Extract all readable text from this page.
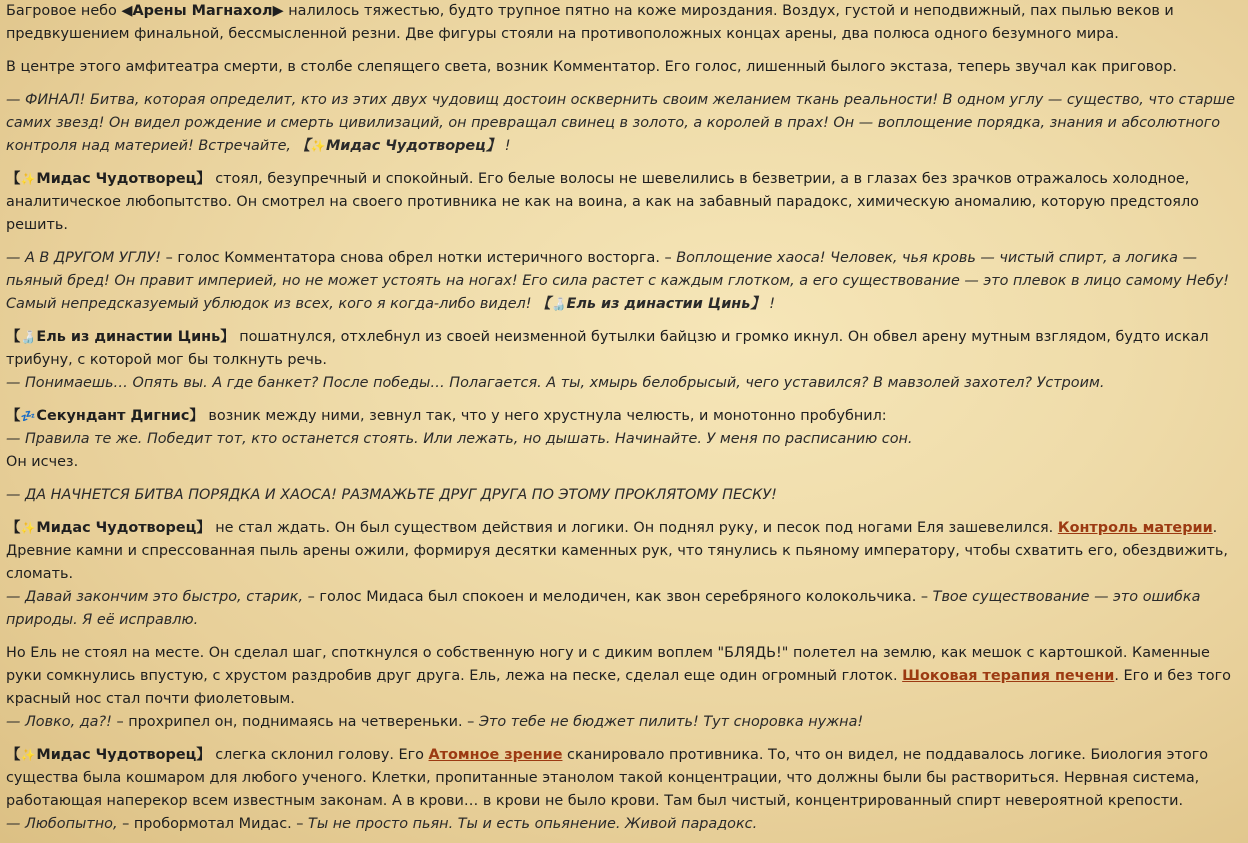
Багровое небо ◀Арены Магнахол▶ налилось тяжестью, будто трупное пятно на коже мироздания. Воздух, густой и неподвижный, пах пылью веков и предвкушением финальной, бессмысленной резни. Две фигуры стояли на противоположных концах арены, два полюса одного безумного мира.

В центре этого амфитеатра смерти, в столбе слепящего света, возник Комментатор. Его голос, лишенный былого экстаза, теперь звучал как приговор.

— ФИНАЛ! Битва, которая определит, кто из этих двух чудовищ достоин осквернить своим желанием ткань реальности! В одном углу — существо, что старше самих звезд! Он видел рождение и смерть цивилизаций, он превращал свинец в золото, а королей в прах! Он — воплощение порядка, знания и абсолютного контроля над материей! Встречайте, 【✨Мидас Чудотворец】 !

【✨Мидас Чудотворец】 стоял, безупречный и спокойный. Его белые волосы не шевелились в безветрии, а в глазах без зрачков отражалось холодное, аналитическое любопытство. Он смотрел на своего противника не как на воина, а как на забавный парадокс, химическую аномалию, которую предстояло решить.

— А В ДРУГОМ УГЛУ! – голос Комментатора снова обрел нотки истеричного восторга. – Воплощение хаоса! Человек, чья кровь — чистый спирт, а логика — пьяный бред! Он правит империей, но не может устоять на ногах! Его сила растет с каждым глотком, а его существование — это плевок в лицо самому Небу! Самый непредсказуемый ублюдок из всех, кого я когда-либо видел! 【🍶Ель из династии Цинь】 !

【🍶Ель из династии Цинь】 пошатнулся, отхлебнул из своей неизменной бутылки байцзю и громко икнул. Он обвел арену мутным взглядом, будто искал трибуну, с которой мог бы толкнуть речь.

— Понимаешь… Опять вы. А где банкет? После победы… Полагается. А ты, хмырь белобрысый, чего уставился? В мавзолей захотел? Устроим.

【💤Секундант Дигнис】 возник между ними, зевнул так, что у него хрустнула челюсть, и монотонно пробубнил:

— Правила те же. Победит тот, кто останется стоять. Или лежать, но дышать. Начинайте. У меня по расписанию сон.

Он исчез.

— ДА НАЧНЕТСЯ БИТВА ПОРЯДКА И ХАОСА! РАЗМАЖЬТЕ ДРУГ ДРУГА ПО ЭТОМУ ПРОКЛЯТОМУ ПЕСКУ!

【✨Мидас Чудотворец】 не стал ждать. Он был существом действия и логики. Он поднял руку, и песок под ногами Еля зашевелился. Контроль материи. Древние камни и спрессованная пыль арены ожили, формируя десятки каменных рук, что тянулись к пьяному императору, чтобы схватить его, обездвижить, сломать.

— Давай закончим это быстро, старик, – голос Мидаса был спокоен и мелодичен, как звон серебряного колокольчика. – Твое существование — это ошибка природы. Я её исправлю.

Но Ель не стоял на месте. Он сделал шаг, споткнулся о собственную ногу и с диким воплем "БЛЯДЬ!" полетел на землю, как мешок с картошкой. Каменные руки сомкнулись впустую, с хрустом раздробив друг друга. Ель, лежа на песке, сделал еще один огромный глоток. Шоковая терапия печени. Его и без того красный нос стал почти фиолетовым.

— Ловко, да?! – прохрипел он, поднимаясь на четвереньки. – Это тебе не бюджет пилить! Тут сноровка нужна!

【✨Мидас Чудотворец】 слегка склонил голову. Его Атомное зрение сканировало противника. То, что он видел, не поддавалось логике. Биология этого существа была кошмаром для любого ученого. Клетки, пропитанные этанолом такой концентрации, что должны были бы раствориться. Нервная система, работающая наперекор всем известным законам. А в крови… в крови не было крови. Там был чистый, концентрированный спирт невероятной крепости.

— Любопытно, – пробормотал Мидас. – Ты не просто пьян. Ты и есть опьянение. Живой парадокс.
